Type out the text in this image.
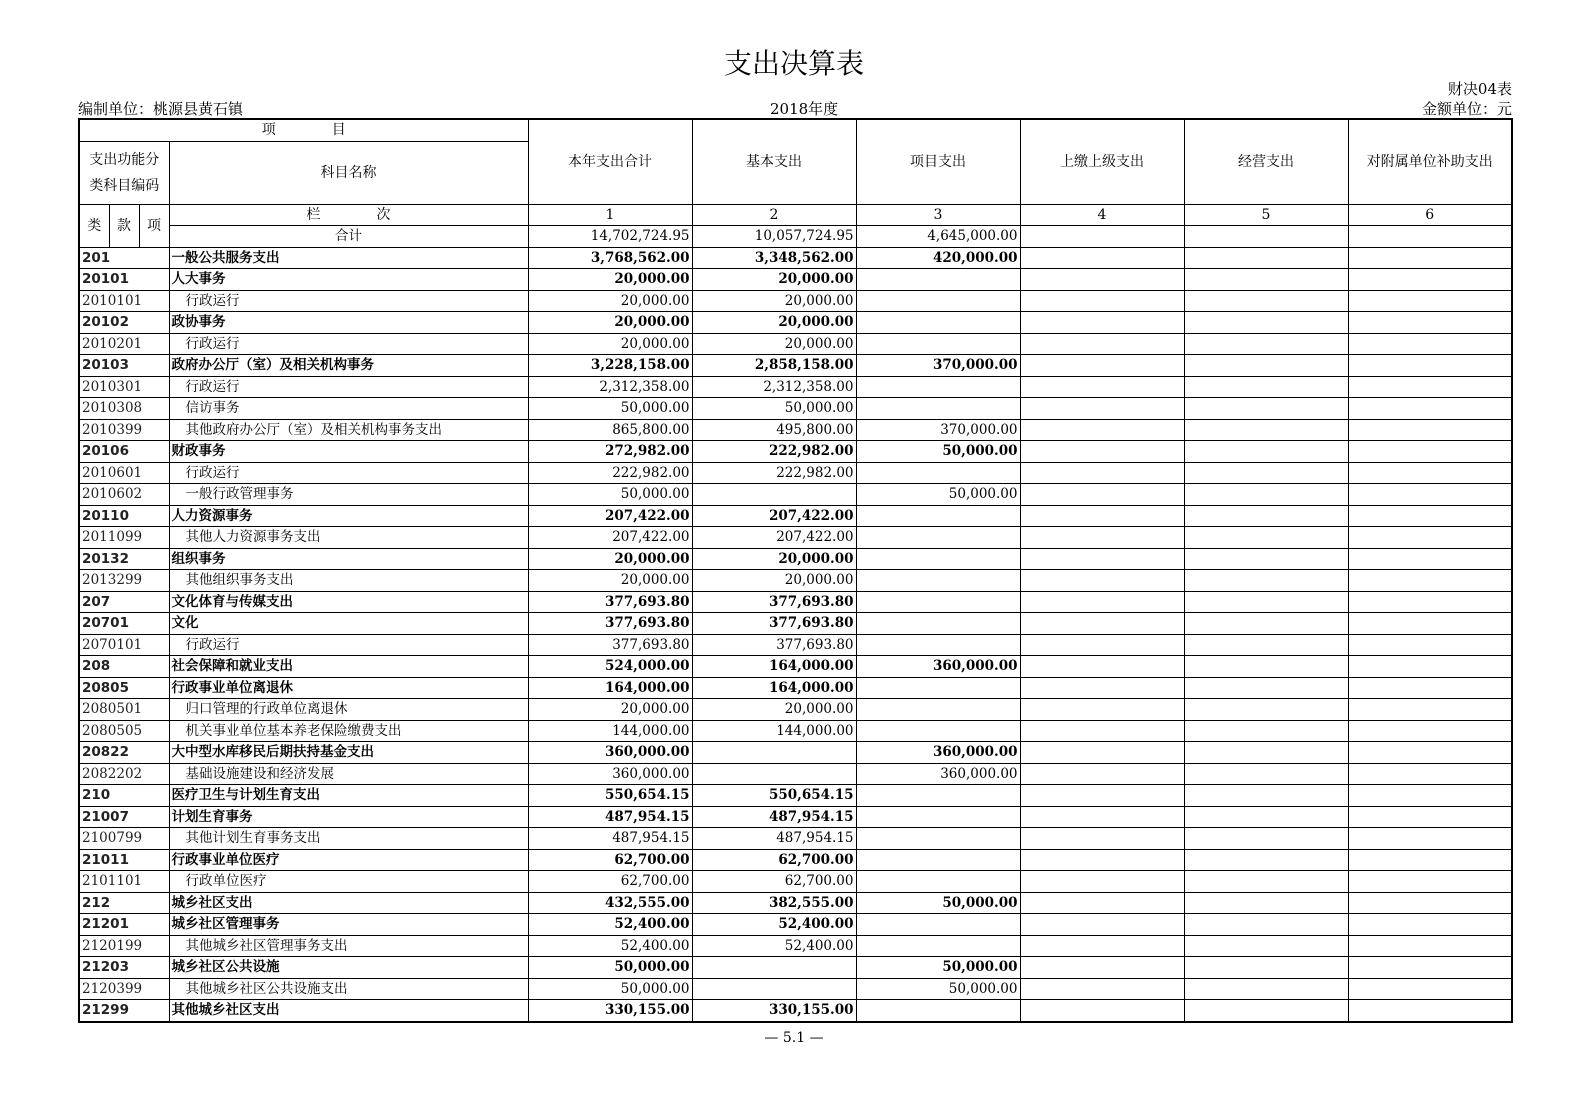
支出决算表
财决04表
编制单位：桃源县黄石镇	2018年度	金额单位：元
项　　　　目				本年支出合计	基本支出	项目支出	上缴上级支出	经营支出	对附属单位补助支出

支出功能分
类科目编码			科目名称						
类	款	项	栏　　　　次	1	2	3	4	5	6
			合计	14,702,724.95	10,057,724.95	4,645,000.00			
201			一般公共服务支出	3,768,562.00	3,348,562.00	420,000.00			
20101			人大事务	20,000.00	20,000.00				
2010101			行政运行	20,000.00	20,000.00				
20102			政协事务	20,000.00	20,000.00				
2010201			行政运行	20,000.00	20,000.00				
20103			政府办公厅（室）及相关机构事务	3,228,158.00	2,858,158.00	370,000.00			
2010301			行政运行	2,312,358.00	2,312,358.00				
2010308			信访事务	50,000.00	50,000.00				
2010399			其他政府办公厅（室）及相关机构事务支出	865,800.00	495,800.00	370,000.00			
20106			财政事务	272,982.00	222,982.00	50,000.00			
2010601			行政运行	222,982.00	222,982.00				
2010602			一般行政管理事务	50,000.00		50,000.00			
20110			人力资源事务	207,422.00	207,422.00				
2011099			其他人力资源事务支出	207,422.00	207,422.00				
20132			组织事务	20,000.00	20,000.00				
2013299			其他组织事务支出	20,000.00	20,000.00				
207			文化体育与传媒支出	377,693.80	377,693.80				
20701			文化	377,693.80	377,693.80				
2070101			行政运行	377,693.80	377,693.80				
208			社会保障和就业支出	524,000.00	164,000.00	360,000.00			
20805			行政事业单位离退休	164,000.00	164,000.00				
2080501			归口管理的行政单位离退休	20,000.00	20,000.00				
2080505			机关事业单位基本养老保险缴费支出	144,000.00	144,000.00				
20822			大中型水库移民后期扶持基金支出	360,000.00		360,000.00			
2082202			基础设施建设和经济发展	360,000.00		360,000.00			
210			医疗卫生与计划生育支出	550,654.15	550,654.15				
21007			计划生育事务	487,954.15	487,954.15				
2100799			其他计划生育事务支出	487,954.15	487,954.15				
21011			行政事业单位医疗	62,700.00	62,700.00				
2101101			行政单位医疗	62,700.00	62,700.00				
212			城乡社区支出	432,555.00	382,555.00	50,000.00			
21201			城乡社区管理事务	52,400.00	52,400.00				
2120199			其他城乡社区管理事务支出	52,400.00	52,400.00				
21203			城乡社区公共设施	50,000.00		50,000.00			
2120399			其他城乡社区公共设施支出	50,000.00		50,000.00			
21299			其他城乡社区支出	330,155.00	330,155.00				
— 5.1 —
